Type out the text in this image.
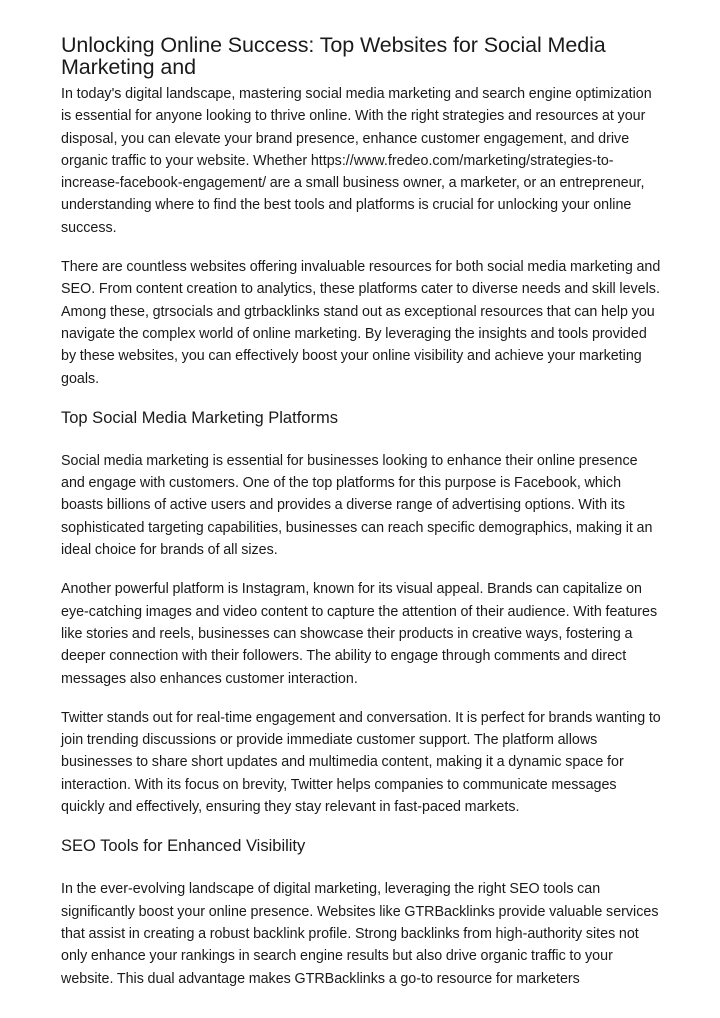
Unlocking Online Success: Top Websites for Social Media Marketing and

In today's digital landscape, mastering social media marketing and search engine optimization is essential for anyone looking to thrive online. With the right strategies and resources at your disposal, you can elevate your brand presence, enhance customer engagement, and drive organic traffic to your website. Whether https://www.fredeo.com/marketing/strategies-to-increase-facebook-engagement/ are a small business owner, a marketer, or an entrepreneur, understanding where to find the best tools and platforms is crucial for unlocking your online success.

There are countless websites offering invaluable resources for both social media marketing and SEO. From content creation to analytics, these platforms cater to diverse needs and skill levels. Among these, gtrsocials and gtrbacklinks stand out as exceptional resources that can help you navigate the complex world of online marketing. By leveraging the insights and tools provided by these websites, you can effectively boost your online visibility and achieve your marketing goals.

Top Social Media Marketing Platforms

Social media marketing is essential for businesses looking to enhance their online presence and engage with customers. One of the top platforms for this purpose is Facebook, which boasts billions of active users and provides a diverse range of advertising options. With its sophisticated targeting capabilities, businesses can reach specific demographics, making it an ideal choice for brands of all sizes.

Another powerful platform is Instagram, known for its visual appeal. Brands can capitalize on eye-catching images and video content to capture the attention of their audience. With features like stories and reels, businesses can showcase their products in creative ways, fostering a deeper connection with their followers. The ability to engage through comments and direct messages also enhances customer interaction.

Twitter stands out for real-time engagement and conversation. It is perfect for brands wanting to join trending discussions or provide immediate customer support. The platform allows businesses to share short updates and multimedia content, making it a dynamic space for interaction. With its focus on brevity, Twitter helps companies to communicate messages quickly and effectively, ensuring they stay relevant in fast-paced markets.

SEO Tools for Enhanced Visibility

In the ever-evolving landscape of digital marketing, leveraging the right SEO tools can significantly boost your online presence. Websites like GTRBacklinks provide valuable services that assist in creating a robust backlink profile. Strong backlinks from high-authority sites not only enhance your rankings in search engine results but also drive organic traffic to your website. This dual advantage makes GTRBacklinks a go-to resource for marketers
